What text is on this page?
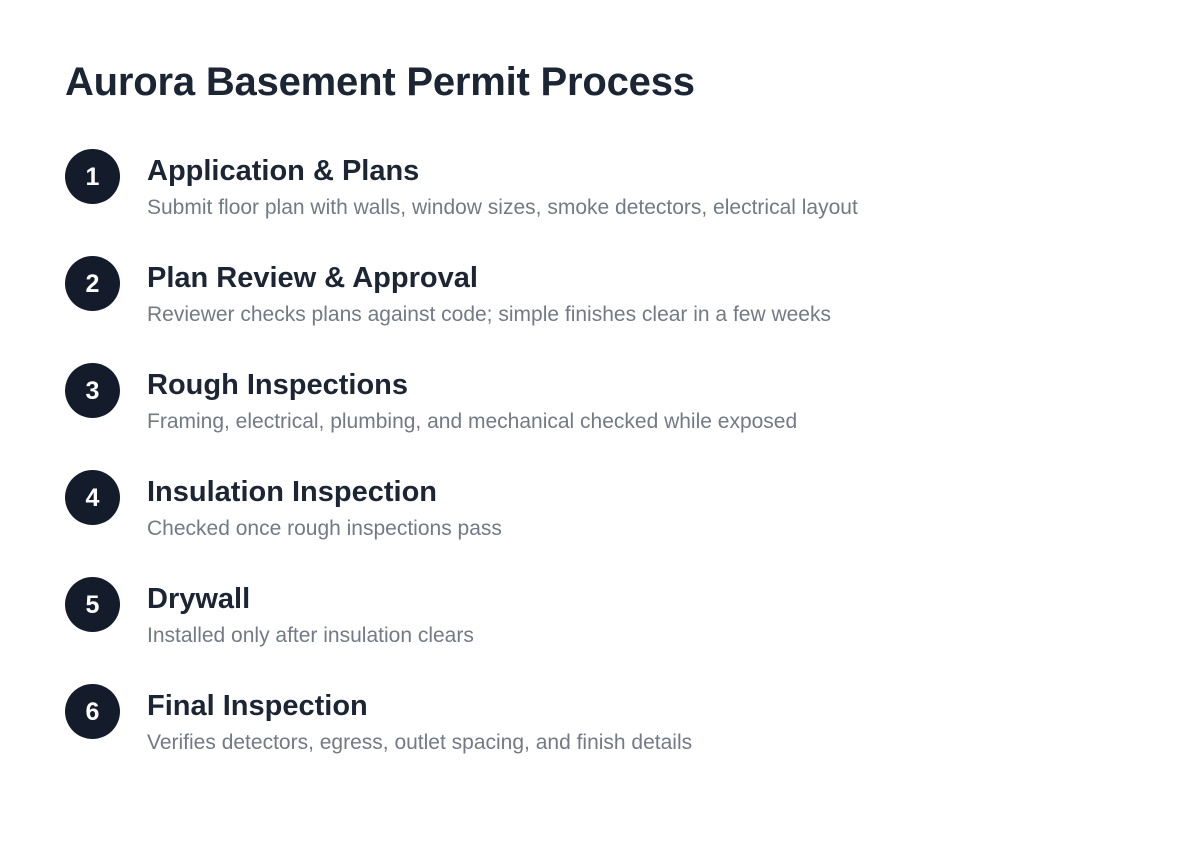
Aurora Basement Permit Process
1	Application & Plans

Submit floor plan with walls, window sizes, smoke detectors, electrical layout

2	Plan Review & Approval

Reviewer checks plans against code; simple finishes clear in a few weeks

3	Rough Inspections

Framing, electrical, plumbing, and mechanical checked while exposed

4	Insulation Inspection

Checked once rough inspections pass

5	Drywall

Installed only after insulation clears

6	Final Inspection

Verifies detectors, egress, outlet spacing, and finish details
